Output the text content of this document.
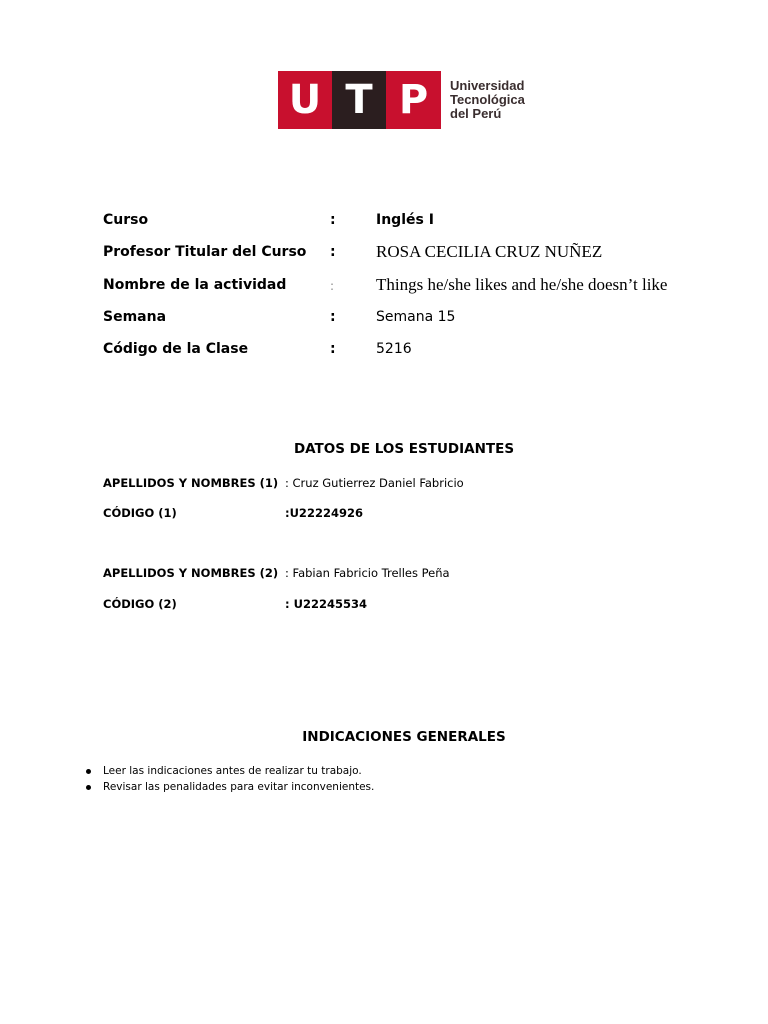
U T P	Universidad
Tecnológica
del Perú
Curso	:	Inglés I
Profesor Titular del Curso : ROSA CECILIA CRUZ NUÑEZ
Nombre de la actividad	: Things he/she likes and he/she doesn’t like
Semana	:	Semana 15
Código de la Clase	:	5216
DATOS DE LOS ESTUDIANTES
APELLIDOS Y NOMBRES (1) : Cruz Gutierrez Daniel Fabricio
CÓDIGO (1)	:U22224926
APELLIDOS Y NOMBRES (2) : Fabian Fabricio Trelles Peña
CÓDIGO (2)	: U22245534
INDICACIONES GENERALES
Leer las indicaciones antes de realizar tu trabajo.
Revisar las penalidades para evitar inconvenientes.
